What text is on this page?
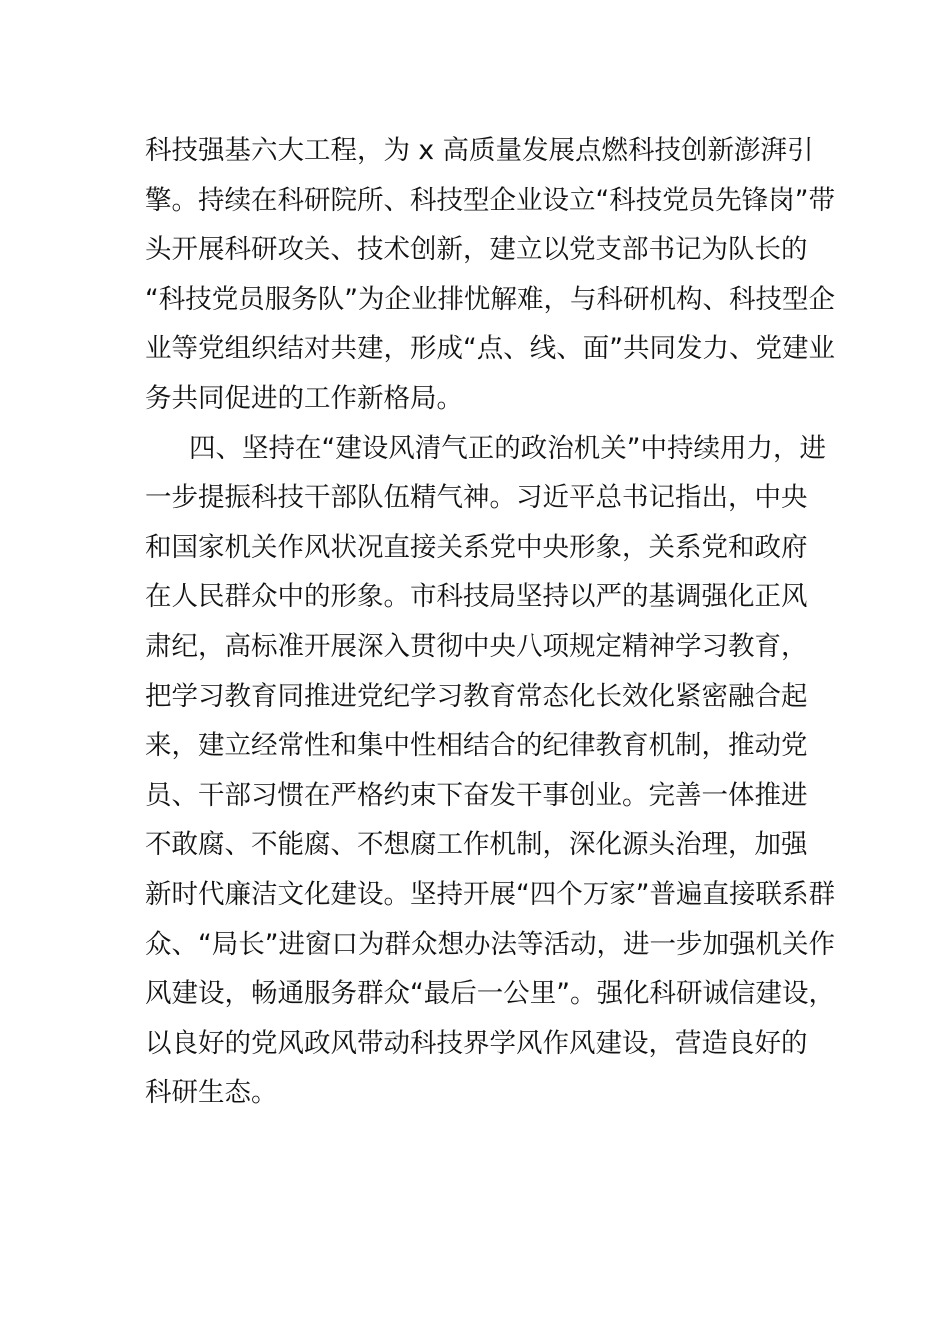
科技强基六大工程，为 x 高质量发展点燃科技创新澎湃引
擎。持续在科研院所、科技型企业设立“科技党员先锋岗”带
头开展科研攻关、技术创新，建立以党支部书记为队长的
“科技党员服务队”为企业排忧解难，与科研机构、科技型企
业等党组织结对共建，形成“点、线、面”共同发力、党建业
务共同促进的工作新格局。
四、坚持在“建设风清气正的政治机关”中持续用力，进
一步提振科技干部队伍精气神。习近平总书记指出，中央
和国家机关作风状况直接关系党中央形象，关系党和政府
在人民群众中的形象。市科技局坚持以严的基调强化正风
肃纪，高标准开展深入贯彻中央八项规定精神学习教育，
把学习教育同推进党纪学习教育常态化长效化紧密融合起
来，建立经常性和集中性相结合的纪律教育机制，推动党
员、干部习惯在严格约束下奋发干事创业。完善一体推进
不敢腐、不能腐、不想腐工作机制，深化源头治理，加强
新时代廉洁文化建设。坚持开展“四个万家”普遍直接联系群
众、“局长”进窗口为群众想办法等活动，进一步加强机关作
风建设，畅通服务群众“最后一公里”。强化科研诚信建设，
以良好的党风政风带动科技界学风作风建设，营造良好的
科研生态。
